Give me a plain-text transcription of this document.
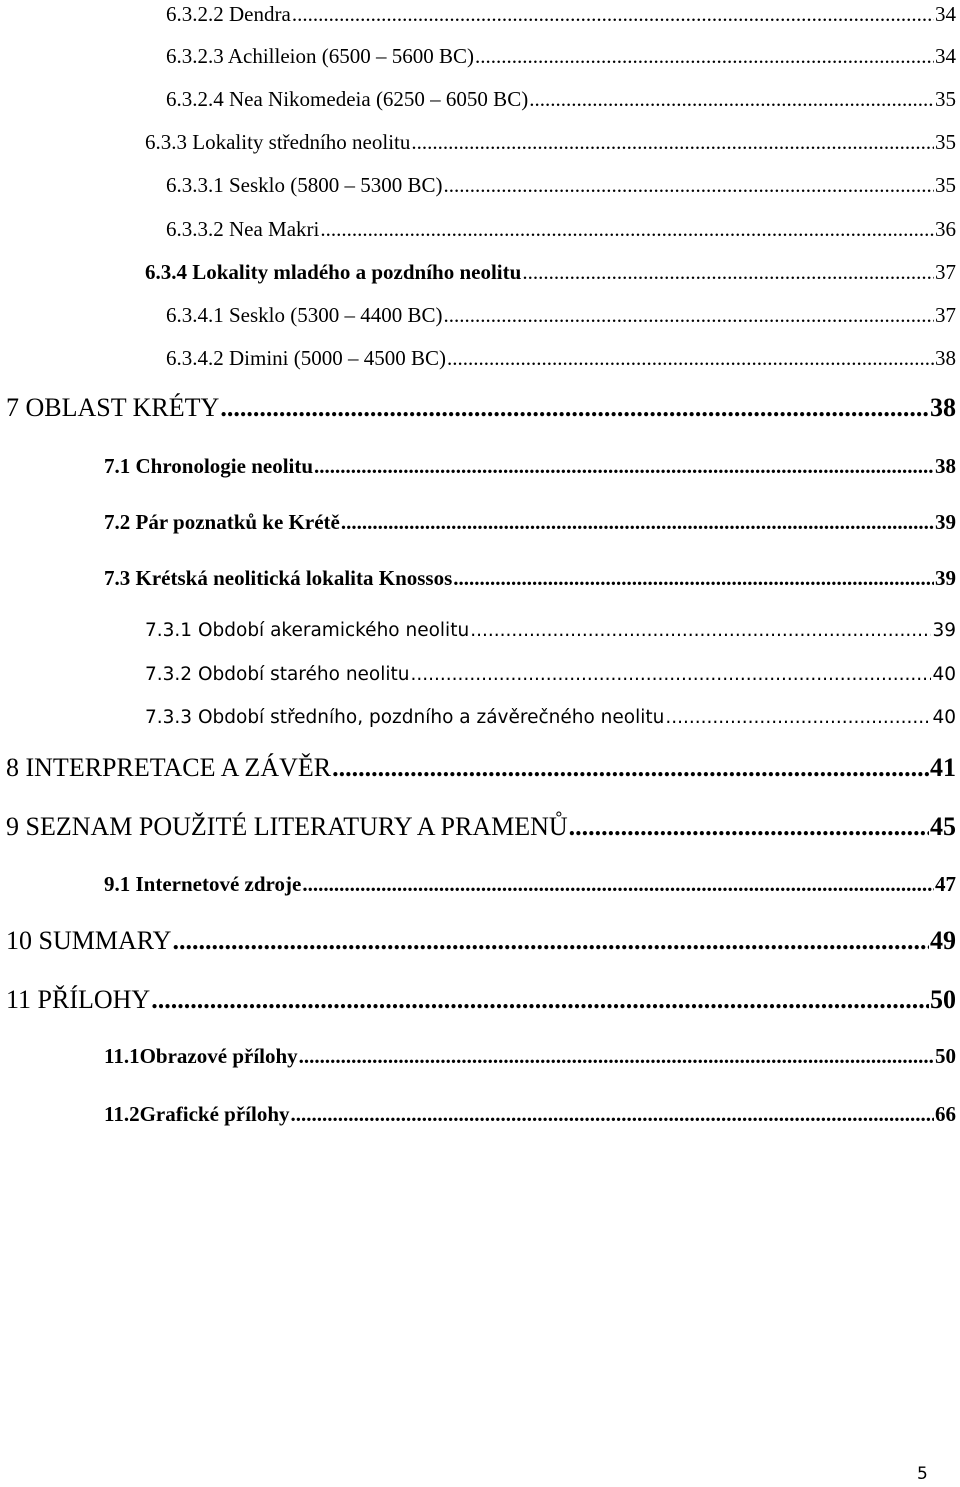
6.3.2.2 Dendra .....	34
6.3.2.3 Achilleion (6500 – 5600 BC) .....	34
6.3.2.4 Nea Nikomedeia (6250 – 6050 BC) .....	35
6.3.3 Lokality středního neolitu .....	35
6.3.3.1 Sesklo (5800 – 5300 BC) .....	35
6.3.3.2 Nea Makri .....	36
6.3.4 Lokality mladého a pozdního neolitu .....	37
6.3.4.1 Sesklo (5300 – 4400 BC) .....	37
6.3.4.2 Dimini (5000 – 4500 BC) .....	38
7 OBLAST KRÉTY .....	38
7.1 Chronologie neolitu .....	38
7.2 Pár poznatků ke Krétě .....	39
7.3 Krétská neolitická lokalita Knossos .....	39
7.3.1 Období akeramického neolitu .....	39
7.3.2 Období starého neolitu .....	40
7.3.3 Období středního, pozdního a závěrečného neolitu .....	40
8 INTERPRETACE A ZÁVĚR .....	41
9 SEZNAM POUŽITÉ LITERATURY A PRAMENŮ .....	45
9.1 Internetové zdroje .....	47
10 SUMMARY .....	49
11 PŘÍLOHY .....	50
11.1 Obrazové přílohy .....	50
11.2 Grafické přílohy .....	66
5
